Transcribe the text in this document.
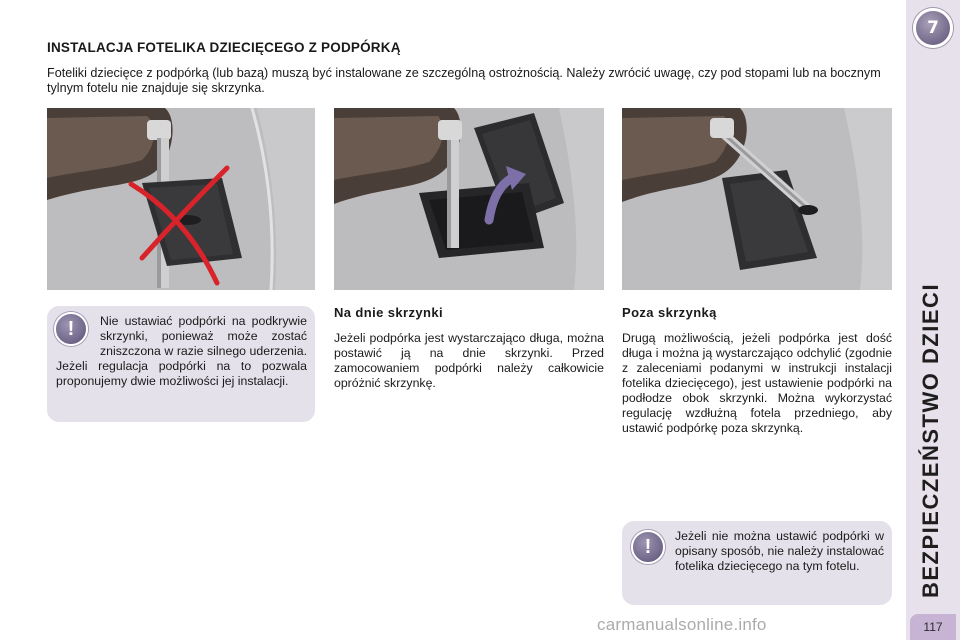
7
BEZPIECZEŃSTWO DZIECI
117
INSTALACJA FOTELIKA DZIECIĘCEGO Z PODPÓRKĄ

Foteliki dziecięce z podpórką (lub bazą) muszą być instalowane ze szczególną ostrożnością. Należy zwrócić uwagę, czy pod stopami lub na bocznym tylnym fotelu nie znajduje się skrzynka.

!	Nie ustawiać podpórki na podkrywie skrzynki, ponieważ może zostać zniszczona w razie silnego uderzenia. Jeżeli regulacja podpórki na to pozwala proponujemy dwie możliwości jej instalacji.
Na dnie skrzynki

Jeżeli podpórka jest wystarczająco długa, można postawić ją na dnie skrzynki. Przed zamocowaniem podpórki należy całkowicie opróżnić skrzynkę.

Poza skrzynką

Drugą możliwością, jeżeli podpórka jest dość długa i można ją wystarczająco odchylić (zgodnie z zaleceniami podanymi w instrukcji instalacji fotelika dziecięcego), jest ustawienie podpórki na podłodze obok skrzynki. Można wykorzystać regulację wzdłużną fotela przedniego, aby ustawić podpórkę poza skrzynką.

!	Jeżeli nie można ustawić podpórki w opisany sposób, nie należy instalować fotelika dziecięcego na tym fotelu.
carmanualsonline.info
